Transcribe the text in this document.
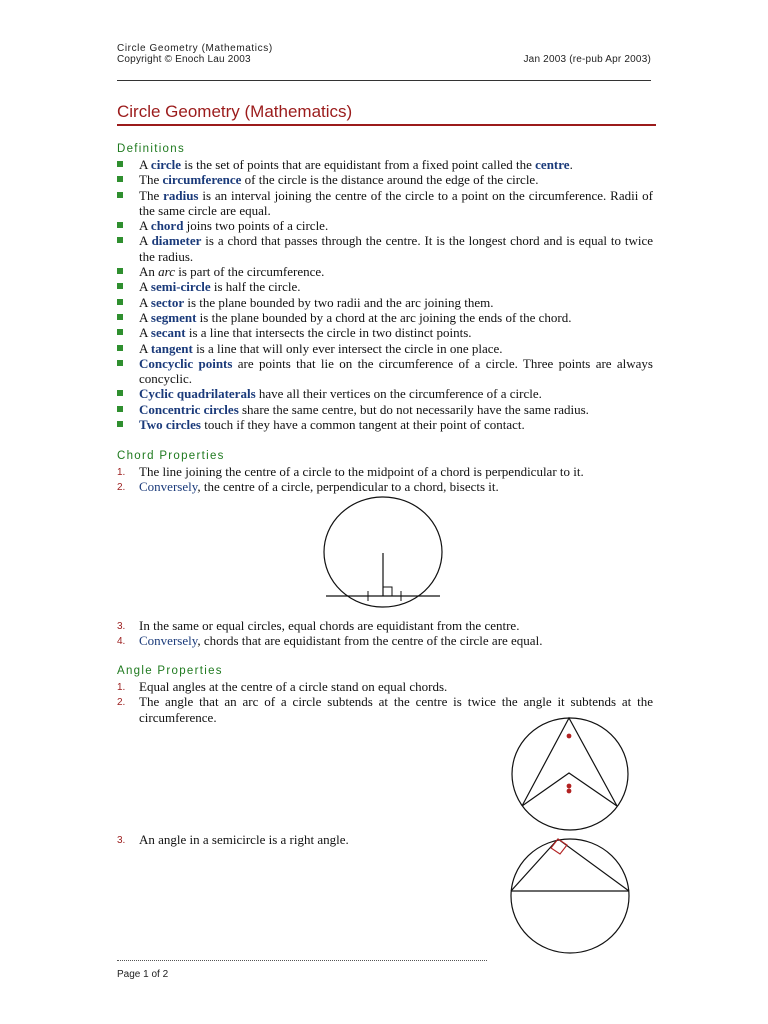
Circle Geometry (Mathematics)
Copyright © Enoch Lau 2003	Jan 2003 (re-pub Apr 2003)
Circle Geometry (Mathematics)
Definitions
A circle is the set of points that are equidistant from a fixed point called the centre.
The circumference of the circle is the distance around the edge of the circle.
The radius is an interval joining the centre of the circle to a point on the circumference. Radii of the same circle are equal.
A chord joins two points of a circle.
A diameter is a chord that passes through the centre. It is the longest chord and is equal to twice the radius.
An arc is part of the circumference.
A semi-circle is half the circle.
A sector is the plane bounded by two radii and the arc joining them.
A segment is the plane bounded by a chord at the arc joining the ends of the chord.
A secant is a line that intersects the circle in two distinct points.
A tangent is a line that will only ever intersect the circle in one place.
Concyclic points are points that lie on the circumference of a circle. Three points are always concyclic.
Cyclic quadrilaterals have all their vertices on the circumference of a circle.
Concentric circles share the same centre, but do not necessarily have the same radius.
Two circles touch if they have a common tangent at their point of contact.
Chord Properties
1. The line joining the centre of a circle to the midpoint of a chord is perpendicular to it.
2. Conversely, the centre of a circle, perpendicular to a chord, bisects it.
3. In the same or equal circles, equal chords are equidistant from the centre.
4. Conversely, chords that are equidistant from the centre of the circle are equal.
Angle Properties
1. Equal angles at the centre of a circle stand on equal chords.
2. The angle that an arc of a circle subtends at the centre is twice the angle it subtends at the circumference.
3. An angle in a semicircle is a right angle.
Page 1 of 2
